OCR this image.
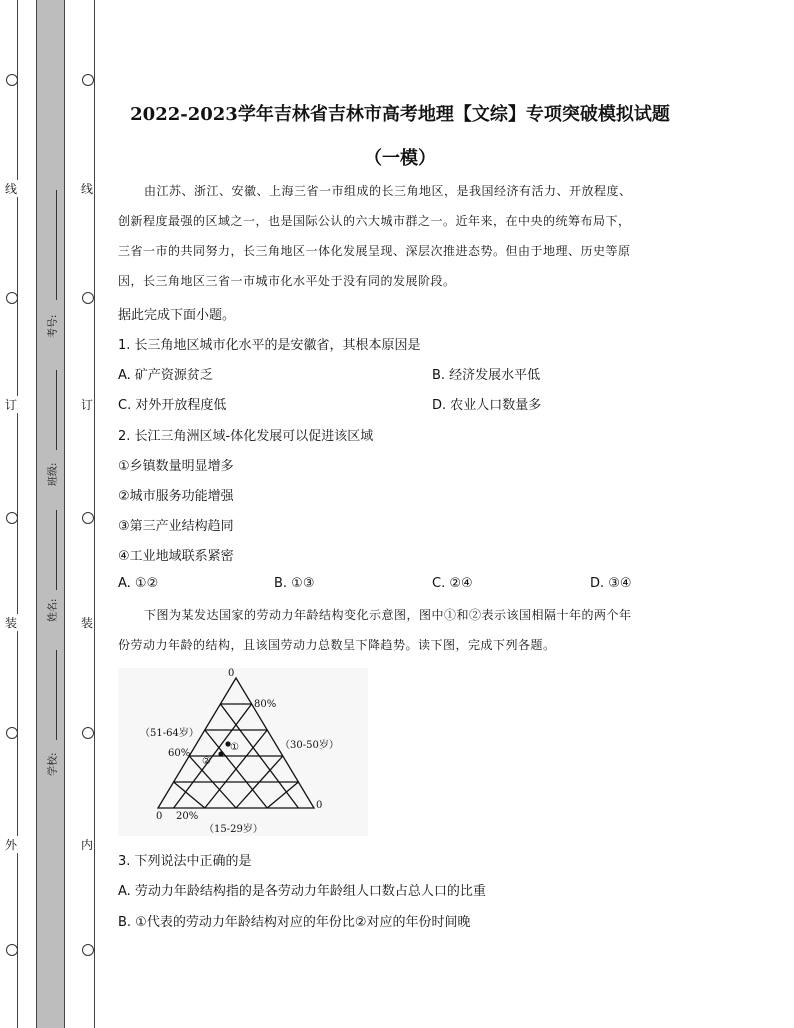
线
订
装
外
线
订
装
内
考号:
班级:
姓名:
学校:
2022-2023学年吉林省吉林市高考地理【文综】专项突破模拟试题
（一模）
由江苏、浙江、安徽、上海三省一市组成的长三角地区，是我国经济有活力、开放程度、
创新程度最强的区域之一，也是国际公认的六大城市群之一。近年来，在中央的统筹布局下，
三省一市的共同努力，长三角地区一体化发展呈现、深层次推进态势。但由于地理、历史等原
因，长三角地区三省一市城市化水平处于没有同的发展阶段。
据此完成下面小题。
1. 长三角地区城市化水平的是安徽省，其根本原因是
A. 矿产资源贫乏	B. 经济发展水平低
C. 对外开放程度低	D. 农业人口数量多
2. 长江三角洲区域-体化发展可以促进该区域
①乡镇数量明显增多
②城市服务功能增强
③第三产业结构趋同
④工业地域联系紧密
A. ①②	B. ①③	C. ②④	D. ③④
下图为某发达国家的劳动力年龄结构变化示意图，图中①和②表示该国相隔十年的两个年
份劳动力年龄的结构，且该国劳动力总数呈下降趋势。读下图，完成下列各题。
0
80%
60%
20%
0
0
（51-64岁）
（30-50岁）
（15-29岁）
①
②
3. 下列说法中正确的是
A. 劳动力年龄结构指的是各劳动力年龄组人口数占总人口的比重
B. ①代表的劳动力年龄结构对应的年份比②对应的年份时间晚
